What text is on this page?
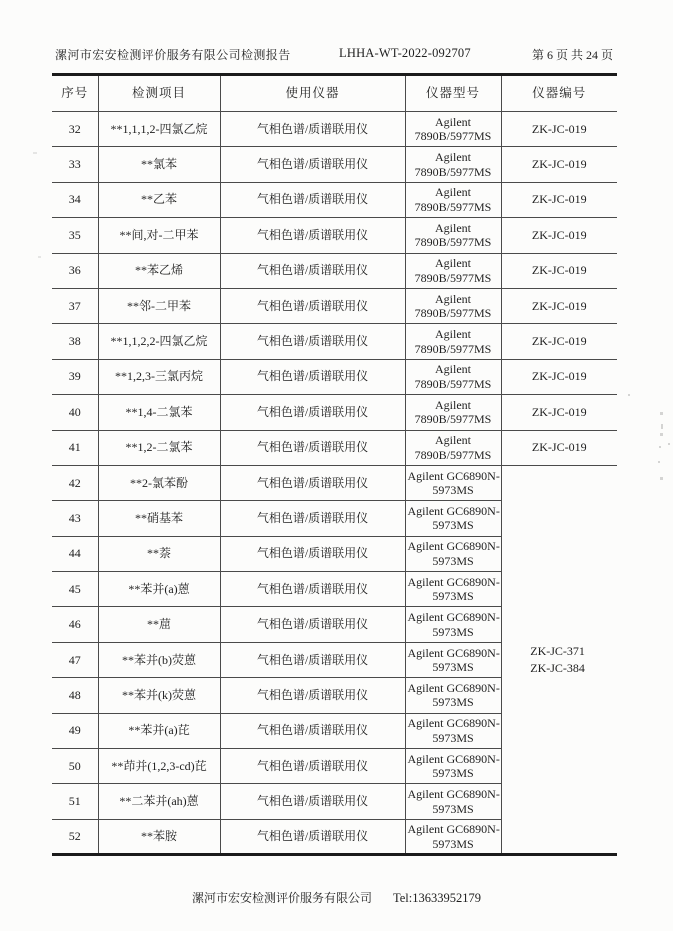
漯河市宏安检测评价服务有限公司检测报告	LHHA-WT-2022-092707	第 6 页 共 24 页
序号	检测项目	使用仪器	仪器型号	仪器编号
32	**1,1,1,2-四氯乙烷	气相色谱/质谱联用仪	Agilent
7890B/5977MS	ZK-JC-019
33	**氯苯	气相色谱/质谱联用仪	Agilent
7890B/5977MS	ZK-JC-019
34	**乙苯	气相色谱/质谱联用仪	Agilent
7890B/5977MS	ZK-JC-019
35	**间,对-二甲苯	气相色谱/质谱联用仪	Agilent
7890B/5977MS	ZK-JC-019
36	**苯乙烯	气相色谱/质谱联用仪	Agilent
7890B/5977MS	ZK-JC-019
37	**邻-二甲苯	气相色谱/质谱联用仪	Agilent
7890B/5977MS	ZK-JC-019
38	**1,1,2,2-四氯乙烷	气相色谱/质谱联用仪	Agilent
7890B/5977MS	ZK-JC-019
39	**1,2,3-三氯丙烷	气相色谱/质谱联用仪	Agilent
7890B/5977MS	ZK-JC-019
40	**1,4-二氯苯	气相色谱/质谱联用仪	Agilent
7890B/5977MS	ZK-JC-019
41	**1,2-二氯苯	气相色谱/质谱联用仪	Agilent
7890B/5977MS	ZK-JC-019
42	**2-氯苯酚	气相色谱/质谱联用仪	Agilent GC6890N-
5973MS

ZK-JC-371
ZK-JC-384

43	**硝基苯	气相色谱/质谱联用仪	Agilent GC6890N-
5973MS	

44	**萘	气相色谱/质谱联用仪	Agilent GC6890N-
5973MS	

45	**苯并(a)蒽	气相色谱/质谱联用仪	Agilent GC6890N-
5973MS	

46	**䓛	气相色谱/质谱联用仪	Agilent GC6890N-
5973MS	

47	**苯并(b)荧蒽	气相色谱/质谱联用仪	Agilent GC6890N-
5973MS	

48	**苯并(k)荧蒽	气相色谱/质谱联用仪	Agilent GC6890N-
5973MS	

49	**苯并(a)芘	气相色谱/质谱联用仪	Agilent GC6890N-
5973MS	

50	**茚并(1,2,3-cd)芘	气相色谱/质谱联用仪	Agilent GC6890N-
5973MS	

51	**二苯并(ah)蒽	气相色谱/质谱联用仪	Agilent GC6890N-
5973MS	

52	**苯胺	气相色谱/质谱联用仪	Agilent GC6890N-
5973MS	
漯河市宏安检测评价服务有限公司 Tel:13633952179
